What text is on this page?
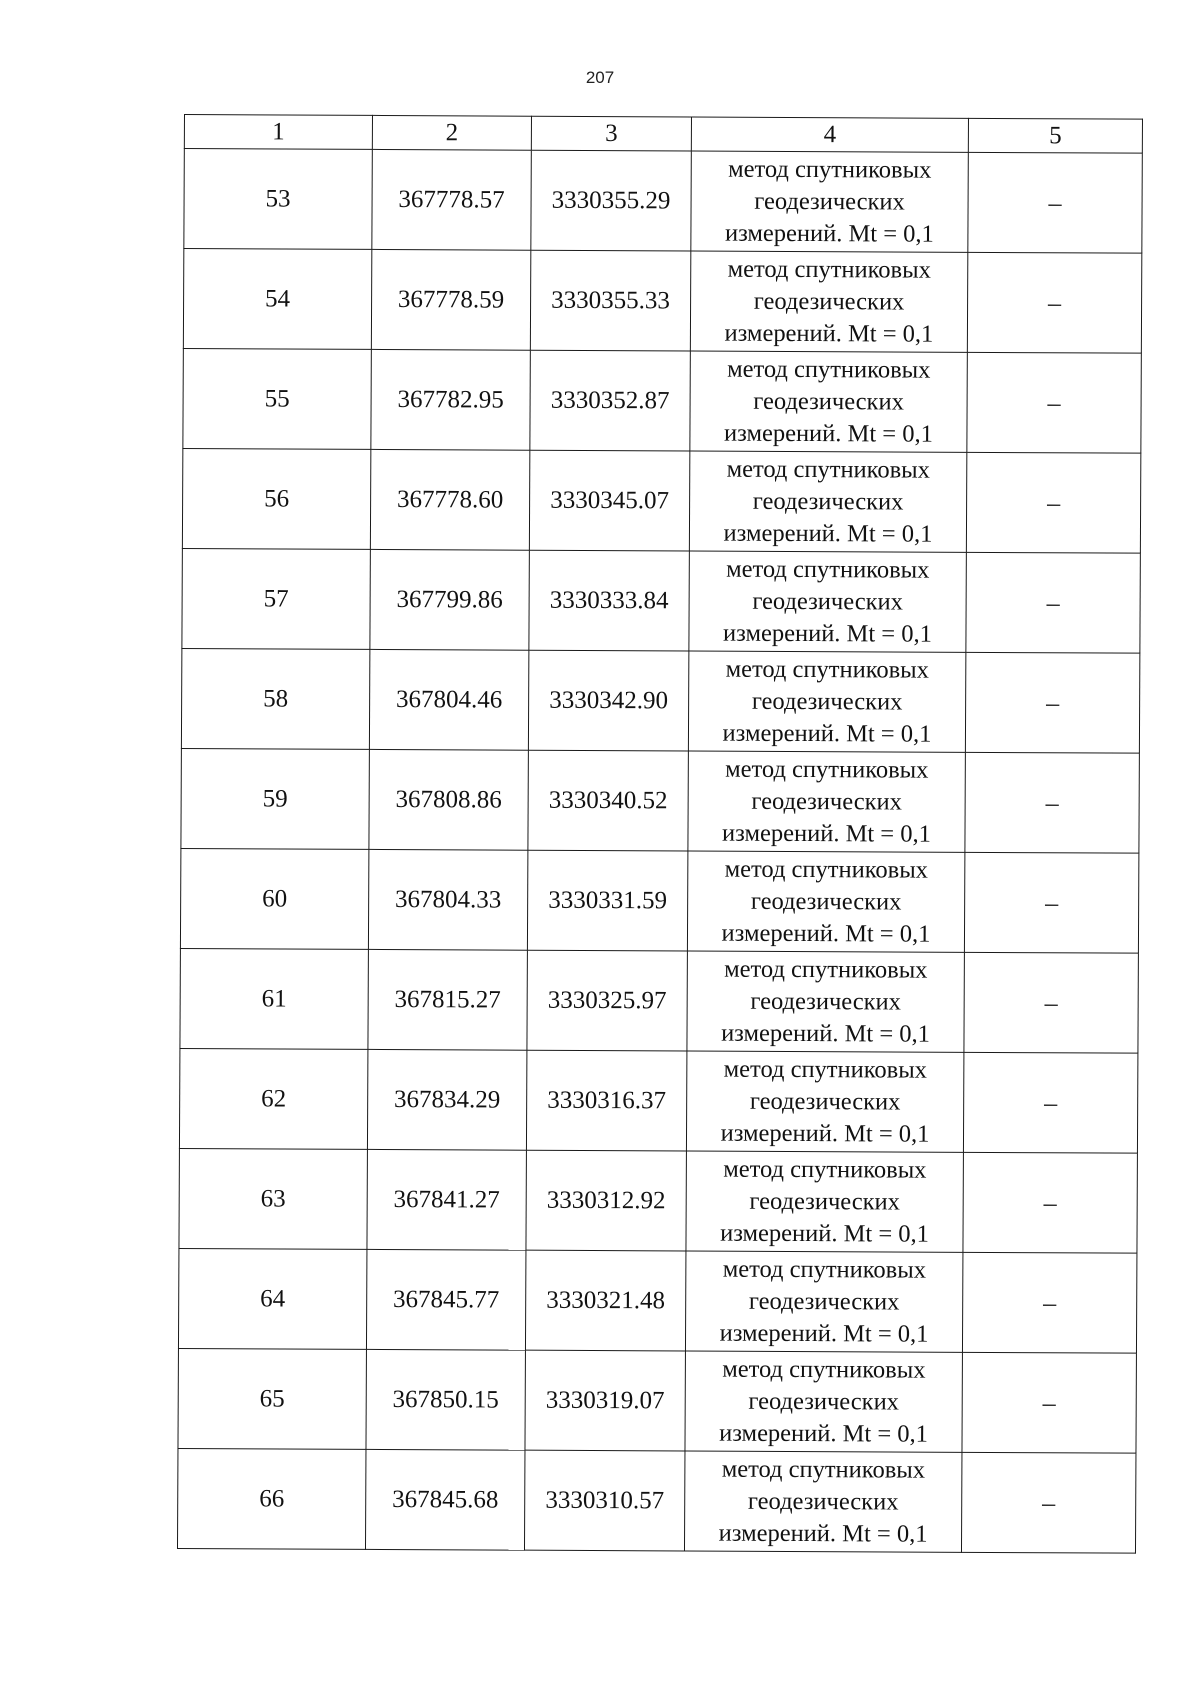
207
1	2	3	4	5
53	367778.57	3330355.29	метод спутниковых
геодезических
измерений. Mt = 0,1	–
54	367778.59	3330355.33	метод спутниковых
геодезических
измерений. Mt = 0,1	–
55	367782.95	3330352.87	метод спутниковых
геодезических
измерений. Mt = 0,1	–
56	367778.60	3330345.07	метод спутниковых
геодезических
измерений. Mt = 0,1	–
57	367799.86	3330333.84	метод спутниковых
геодезических
измерений. Mt = 0,1	–
58	367804.46	3330342.90	метод спутниковых
геодезических
измерений. Mt = 0,1	–
59	367808.86	3330340.52	метод спутниковых
геодезических
измерений. Mt = 0,1	–
60	367804.33	3330331.59	метод спутниковых
геодезических
измерений. Mt = 0,1	–
61	367815.27	3330325.97	метод спутниковых
геодезических
измерений. Mt = 0,1	–
62	367834.29	3330316.37	метод спутниковых
геодезических
измерений. Mt = 0,1	–
63	367841.27	3330312.92	метод спутниковых
геодезических
измерений. Mt = 0,1	–
64	367845.77	3330321.48	метод спутниковых
геодезических
измерений. Mt = 0,1	–
65	367850.15	3330319.07	метод спутниковых
геодезических
измерений. Mt = 0,1	–
66	367845.68	3330310.57	метод спутниковых
геодезических
измерений. Mt = 0,1	–
